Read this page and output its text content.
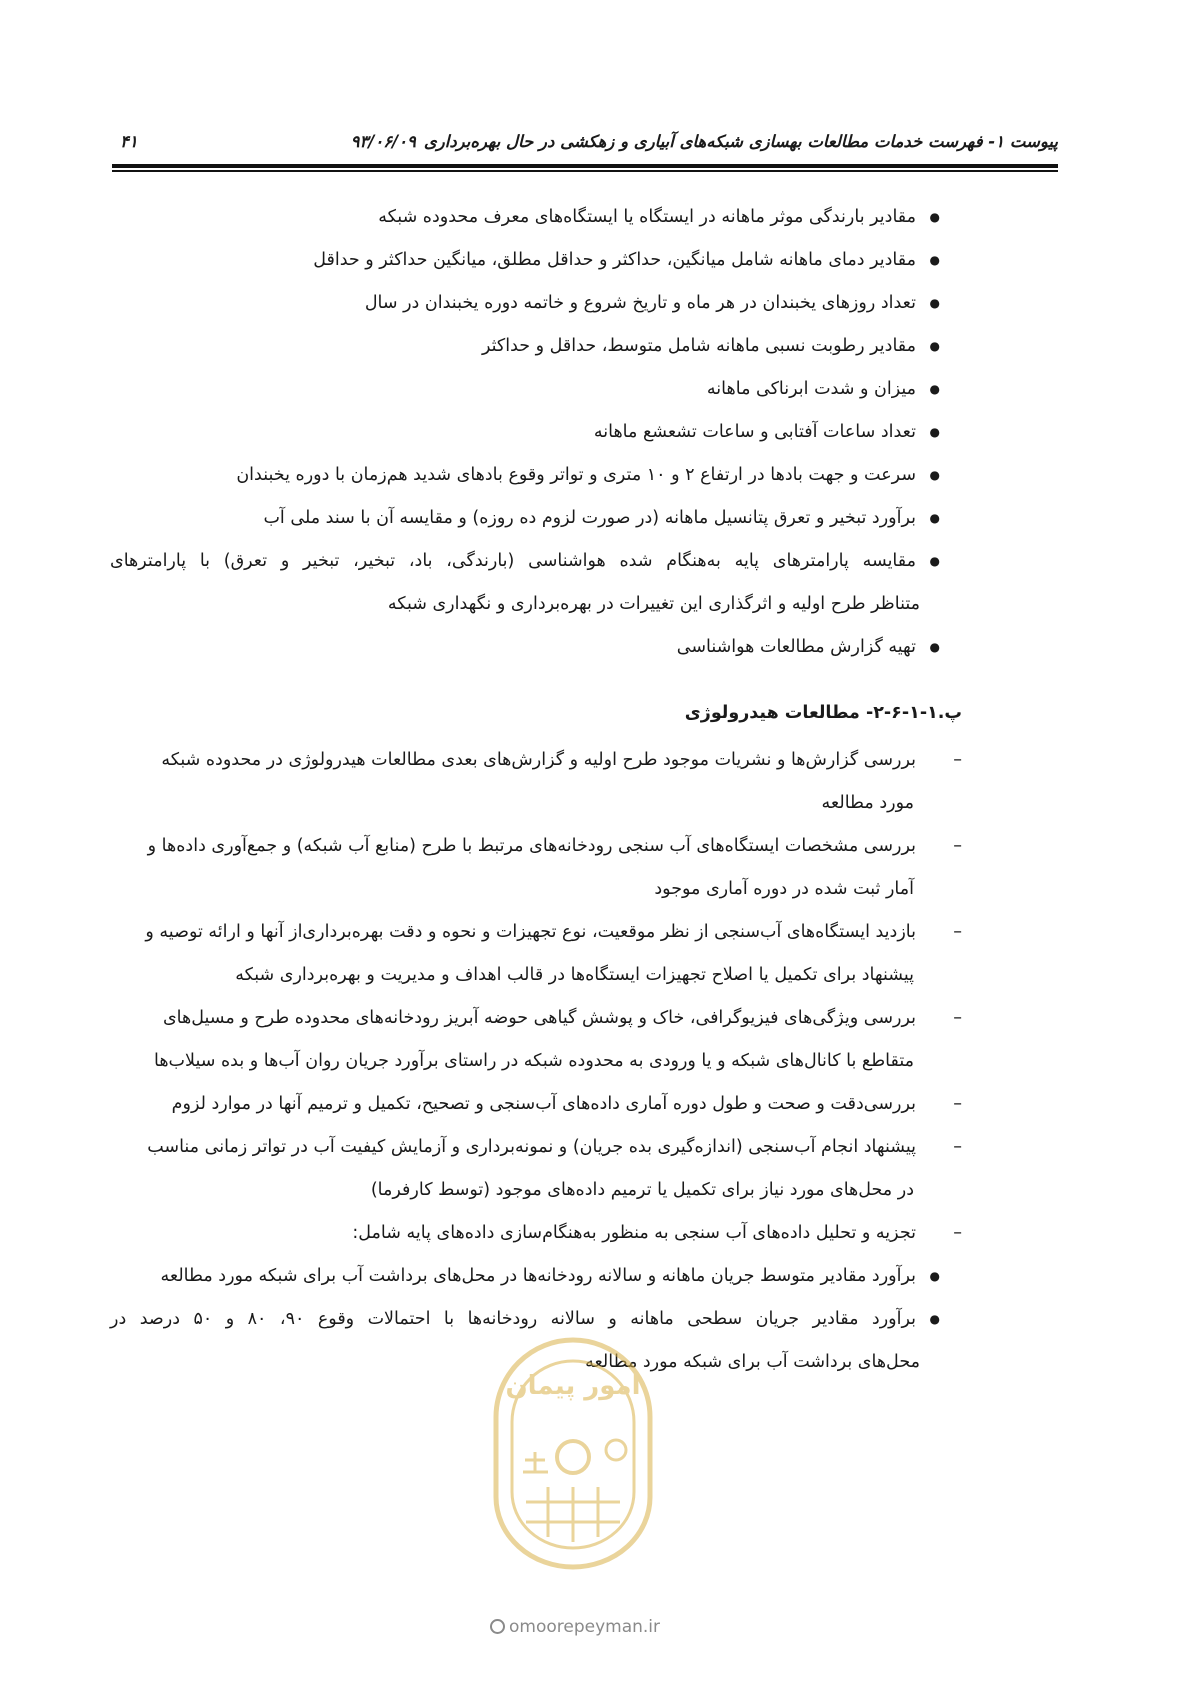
پیوست ۱- فهرست خدمات مطالعات بهسازی شبکه‌های آبیاری و زهکشی در حال بهره‌برداری۹۳/۰۶/۰۹
۴۱
● مقادیر بارندگی موثر ماهانه در ایستگاه یا ایستگاه‌های معرف محدوده شبکه
● مقادیر دمای ماهانه شامل میانگین، حداکثر و حداقل مطلق، میانگین حداکثر و حداقل
● تعداد روزهای یخبندان در هر ماه و تاریخ شروع و خاتمه دوره یخبندان در سال
● مقادیر رطوبت نسبی ماهانه شامل متوسط، حداقل و حداکثر
● میزان و شدت ابرناکی ماهانه
● تعداد ساعات آفتابی و ساعات تشعشع ماهانه
● سرعت و جهت بادها در ارتفاع ۲ و ۱۰ متری و تواتر وقوع بادهای شدید هم‌زمان با دوره یخبندان
● برآورد تبخیر و تعرق پتانسیل ماهانه (در صورت لزوم ده روزه) و مقایسه آن با سند ملی آب
● مقایسه پارامترهای پایه به‌هنگام شده هواشناسی (بارندگی، باد، تبخیر، تبخیر و تعرق) با پارامترهای
متناظر طرح اولیه و اثرگذاری این تغییرات در بهره‌برداری و نگهداری شبکه
● تهیه گزارش مطالعات هواشناسی
پ.۱-۱-۶-۲- مطالعات هیدرولوژی
– بررسی گزارش‌ها و نشریات موجود طرح اولیه و گزارش‌های بعدی مطالعات هیدرولوژی در محدوده شبکه
مورد مطالعه
– بررسی مشخصات ایستگاه‌های آب سنجی رودخانه‌های مرتبط با طرح (منابع آب شبکه) و جمع‌آوری داده‌ها و
آمار ثبت شده در دوره آماری موجود
– بازدید ایستگاه‌های آب‌سنجی از نظر موقعیت، نوع تجهیزات و نحوه و دقت بهره‌برداری‌از آنها و ارائه توصیه و
پیشنهاد برای تکمیل یا اصلاح تجهیزات ایستگاه‌ها در قالب اهداف و مدیریت و بهره‌برداری شبکه
– بررسی ویژگی‌های فیزیوگرافی، خاک و پوشش گیاهی حوضه آبریز رودخانه‌های محدوده طرح و مسیل‌های
متقاطع با کانال‌های شبکه و یا ورودی به محدوده شبکه در راستای برآورد جریان روان آب‌ها و بده سیلاب‌ها
– بررسی‌دقت و صحت و طول دوره آماری داده‌های آب‌سنجی و تصحیح، تکمیل و ترمیم آنها در موارد لزوم
– پیشنهاد انجام آب‌سنجی (اندازه‌گیری بده جریان) و نمونه‌برداری و آزمایش کیفیت آب در تواتر زمانی مناسب
در محل‌های مورد نیاز برای تکمیل یا ترمیم داده‌های موجود (توسط کارفرما)
– تجزیه و تحلیل داده‌های آب سنجی به منظور به‌هنگام‌سازی داده‌های پایه شامل:
● برآورد مقادیر متوسط جریان ماهانه و سالانه رودخانه‌ها در محل‌های برداشت آب برای شبکه مورد مطالعه
● برآورد مقادیر جریان سطحی ماهانه و سالانه رودخانه‌ها با احتمالات وقوع ۹۰، ۸۰ و ۵۰ درصد در
محل‌های برداشت آب برای شبکه مورد مطالعه
امور پیمان
omoorepeyman.ir
